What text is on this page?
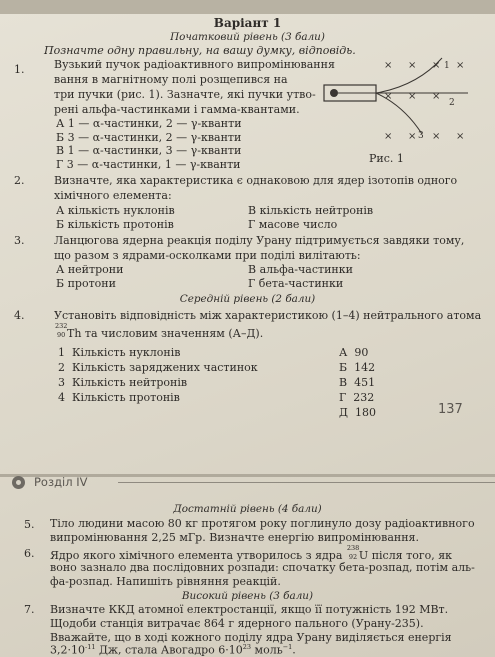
Варіант 1
Початковий рівень (3 бали)
Позначте одну правильну, на вашу думку, відповідь.
1.	Вузький пучок радіоактивного випромінювання
вання в магнітному полі розщепився на
три пучки (рис. 1). Зазначте, які пучки утво-
рені альфа-частинками і гамма-квантами.
А 1 — α-частинки, 2 — γ-кванти
Б 3 — α-частинки, 2 — γ-кванти
В 1 — α-частинки, 3 — γ-кванти
Г 3 — α-частинки, 1 — γ-кванти
× × × ×
× × ×
× × × ×
1
2
3
Рис. 1
2.	Визначте, яка характеристика є однаковою для ядер ізотопів одного
хімічного елемента:
А кількість нуклонів
Б кількість протонів
В кількість нейтронів
Г масове число
3.	Ланцюгова ядерна реакція поділу Урану підтримується завдяки тому,
що разом з ядрами-осколками при поділі вилітають:
А нейтрони
Б протони
В альфа-частинки
Г бета-частинки
Середній рівень (2 бали)
4.	Установіть відповідність між характеристикою (1–4) нейтрального атома
232
90 Th та числовим значенням (А–Д).
1 Кількість нуклонів
2 Кількість заряджених частинок
3 Кількість нейтронів
4 Кількість протонів
А 90
Б 142
В 451
Г 232
Д 180	137
Розділ IV
Достатній рівень (4 бали)
5. Тіло людини масою 80 кг протягом року поглинуло дозу радіоактивного
випромінювання 2,25 мГр. Визначте енергію випромінювання.
6. Ядро якого хімічного елемента утворилось з ядра
238
92 U після того, як
воно зазнало два послідовних розпади: спочатку бета-розпад, потім аль-
фа-розпад. Напишіть рівняння реакцій.
Високий рівень (3 бали)
7. Визначте ККД атомної електростанції, якщо її потужність 192 МВт.
Щодоби станція витрачає 864 г ядерного пального (Урану-235).
Вважайте, що в ході кожного поділу ядра Урану виділяється енергія
$3,2\cdot 10^{-11}$ Дж, стала Авогадро $6\cdot 10^{23}$ моль$^{-1}$.
